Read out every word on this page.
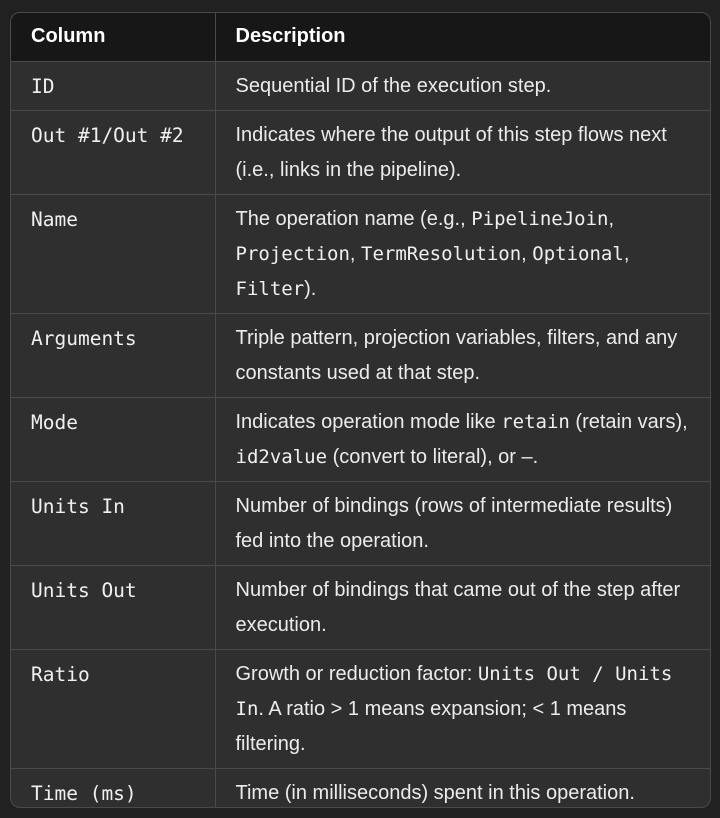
Column	Description
ID	Sequential ID of the execution step.
Out #1/Out #2	Indicates where the output of this step flows next (i.e., links in the pipeline).
Name	The operation name (e.g., PipelineJoin, Projection, TermResolution, Optional, Filter).
Arguments	Triple pattern, projection variables, filters, and any constants used at that step.
Mode	Indicates operation mode like retain (retain vars), id2value (convert to literal), or –.
Units In	Number of bindings (rows of intermediate results) fed into the operation.
Units Out	Number of bindings that came out of the step after execution.
Ratio	Growth or reduction factor: Units Out / Units In. A ratio > 1 means expansion; < 1 means filtering.
Time (ms)	Time (in milliseconds) spent in this operation.
